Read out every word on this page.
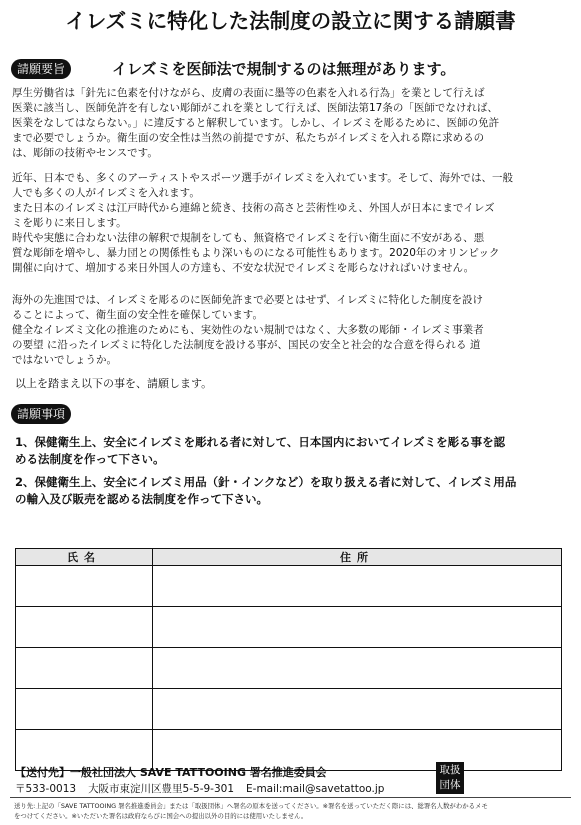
イレズミに特化した法制度の設立に関する請願書
請願要旨	イレズミを医師法で規制するのは無理があります。
厚生労働省は「針先に色素を付けながら、皮膚の表面に墨等の色素を入れる行為」を業として行えば
医業に該当し、医師免許を有しない彫師がこれを業として行えば、医師法第17条の「医師でなければ、
医業をなしてはならない。」に違反すると解釈しています。しかし、イレズミを彫るために、医師の免許
まで必要でしょうか。衛生面の安全性は当然の前提ですが、私たちがイレズミを入れる際に求めるの
は、彫師の技術やセンスです。
近年、日本でも、多くのアーティストやスポーツ選手がイレズミを入れています。そして、海外では、一般
人でも多くの人がイレズミを入れます。
また日本のイレズミは江戸時代から連綿と続き、技術の高さと芸術性ゆえ、外国人が日本にまでイレズ
ミを彫りに来日します。
時代や実態に合わない法律の解釈で規制をしても、無資格でイレズミを行い衛生面に不安がある、悪
質な彫師を増やし、暴力団との関係性もより深いものになる可能性もあります。2020年のオリンピック
開催に向けて、増加する来日外国人の方達も、不安な状況でイレズミを彫らなければいけません。
海外の先進国では、イレズミを彫るのに医師免許まで必要とはせず、イレズミに特化した制度を設け
ることによって、衛生面の安全性を確保しています。
健全なイレズミ文化の推進のためにも、実効性のない規制ではなく、大多数の彫師・イレズミ事業者
の要望 に沿ったイレズミに特化した法制度を設ける事が、国民の安全と社会的な合意を得られる 道
ではないでしょうか。
以上を踏まえ以下の事を、請願します。
請願事項
1、保健衛生上、安全にイレズミを彫れる者に対して、日本国内においてイレズミを彫る事を認
める法制度を作って下さい。
2、保健衛生上、安全にイレズミ用品（針・インクなど）を取り扱える者に対して、イレズミ用品
の輸入及び販売を認める法制度を作って下さい。
氏名	住所

【送付先】一般社団法人 SAVE TATTOOING 署名推進委員会
〒533-0013 大阪市東淀川区豊里5-5-9-301 E-mail:mail@savetattoo.jp
取扱
団体
送り先:上記の「SAVE TATTOOING 署名推進委員会」または「取扱団体」へ署名の原本を送ってください。※署名を送っていただく際には、総署名人数がわかるメモ
をつけてください。※いただいた署名は政府ならびに国会への提出以外の目的には使用いたしません。
